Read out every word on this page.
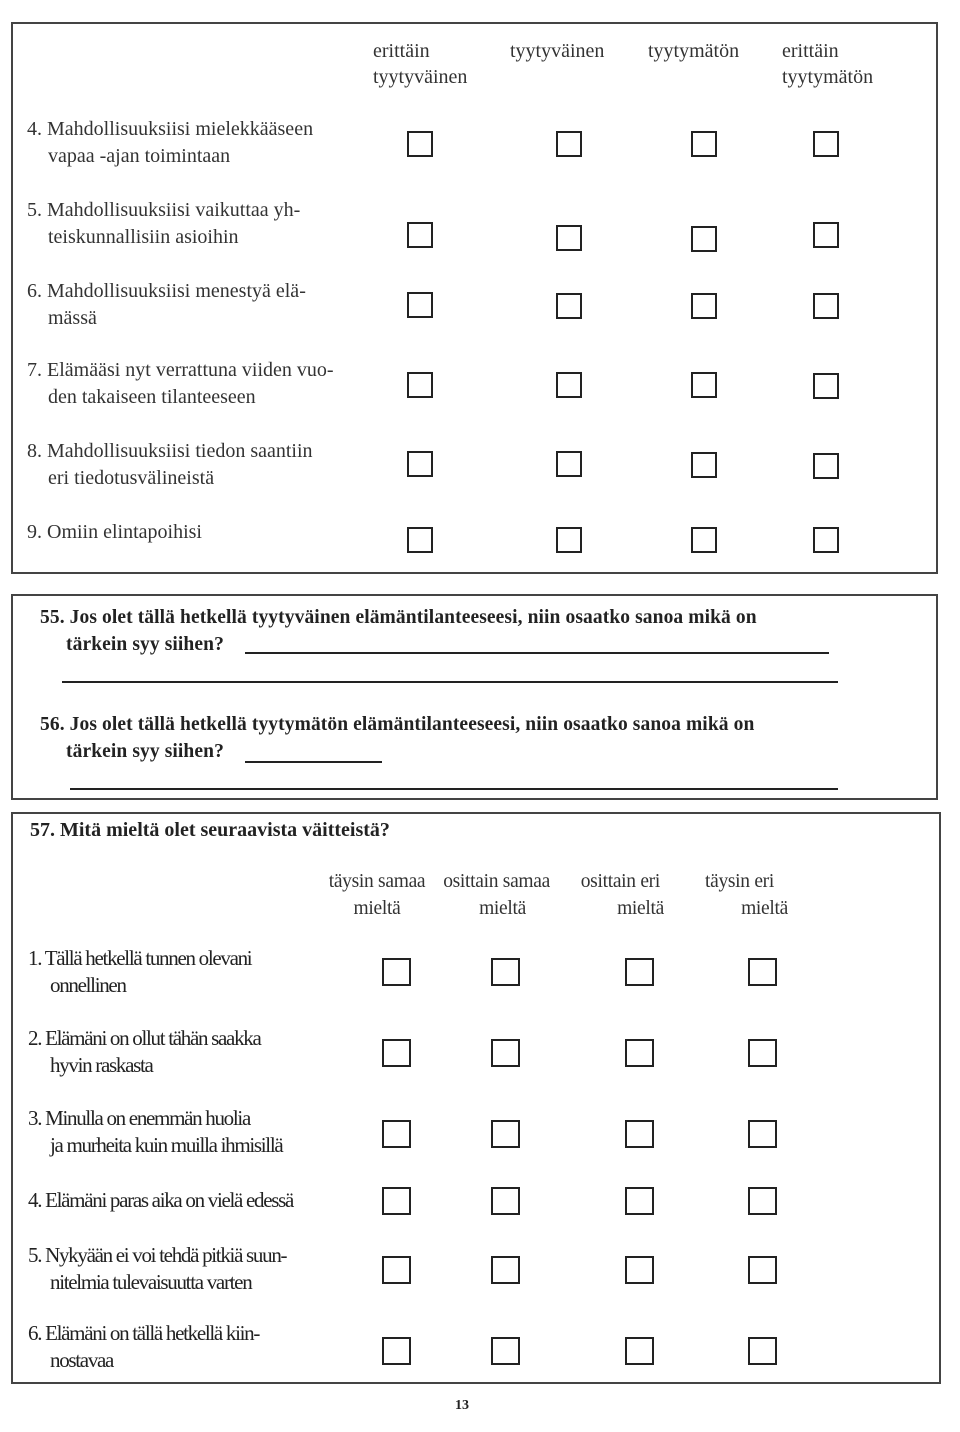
erittäin
tyytyväinen
tyytyväinen tyytymätön erittäin
tyytymätön
4. Mahdollisuuksiisi mielekkääseen
vapaa -ajan toimintaan
5. Mahdollisuuksiisi vaikuttaa yh-
teiskunnallisiin asioihin
6. Mahdollisuuksiisi menestyä elä-
mässä
7. Elämääsi nyt verrattuna viiden vuo-
den takaiseen tilanteeseen
8. Mahdollisuuksiisi tiedon saantiin
eri tiedotusvälineistä
9. Omiin elintapoihisi
55. Jos olet tällä hetkellä tyytyväinen elämäntilanteeseesi, niin osaatko sanoa mikä on
tärkein syy siihen?
56. Jos olet tällä hetkellä tyytymätön elämäntilanteeseesi, niin osaatko sanoa mikä on
tärkein syy siihen?
57. Mitä mieltä olet seuraavista väitteistä?
täysin samaa
mieltä
osittain samaa
mieltä
osittain eri
mieltä
täysin eri
mieltä
1. Tällä hetkellä tunnen olevani
onnellinen
2. Elämäni on ollut tähän saakka
hyvin raskasta
3. Minulla on enemmän huolia
ja murheita kuin muilla ihmisillä
4. Elämäni paras aika on vielä edessä
5. Nykyään ei voi tehdä pitkiä suun-
nitelmia tulevaisuutta varten
6. Elämäni on tällä hetkellä kiin-
nostavaa
13
